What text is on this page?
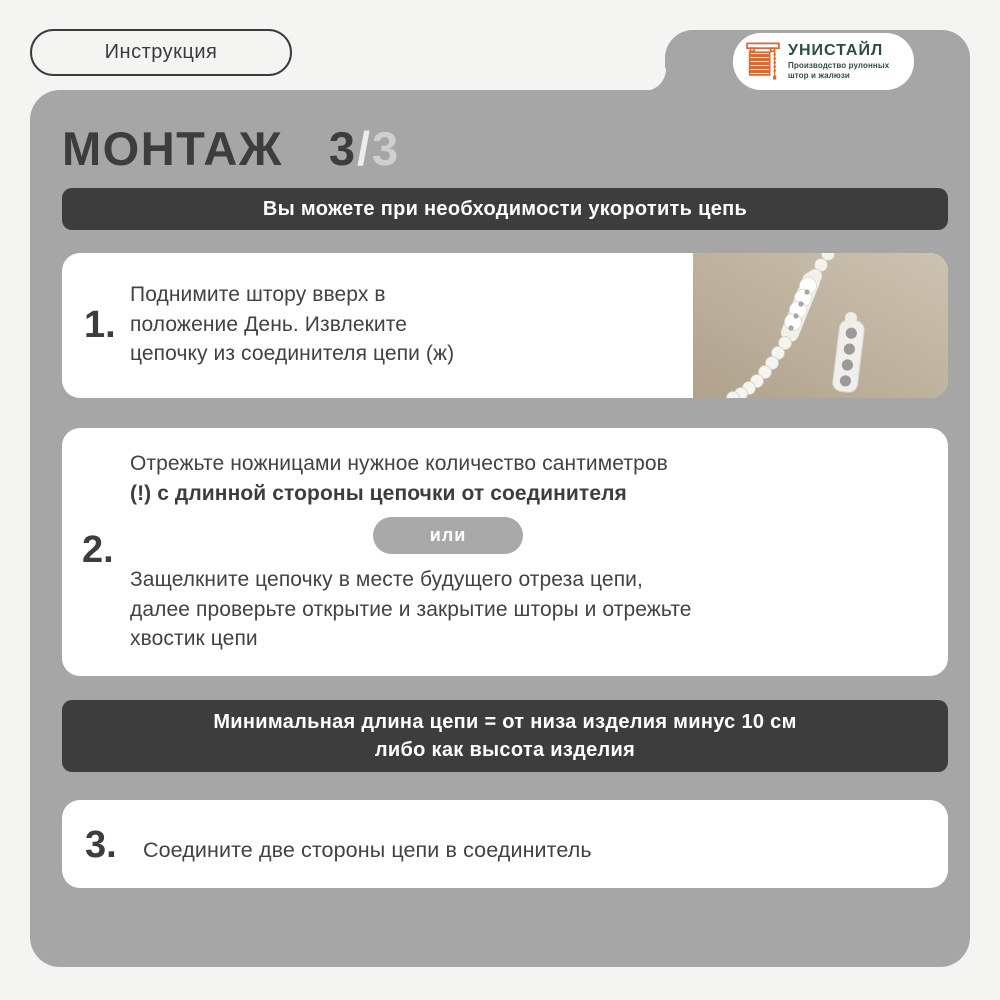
Инструкция	УНИСТАЙЛ
Производство рулонных
штор и жалюзи
МОНТАЖ 3/3
Вы можете при необходимости укоротить цепь
1.
Поднимите штору вверх в
положение День. Извлеките
цепочку из соединителя цепи (ж)
Отрежьте ножницами нужное количество сантиметров
(!) с длинной стороны цепочки от соединителя
или
2.
Защелкните цепочку в месте будущего отреза цепи,
далее проверьте открытие и закрытие шторы и отрежьте
хвостик цепи
Минимальная длина цепи = от низа изделия минус 10 см
либо как высота изделия
3. Соедините две стороны цепи в соединитель
